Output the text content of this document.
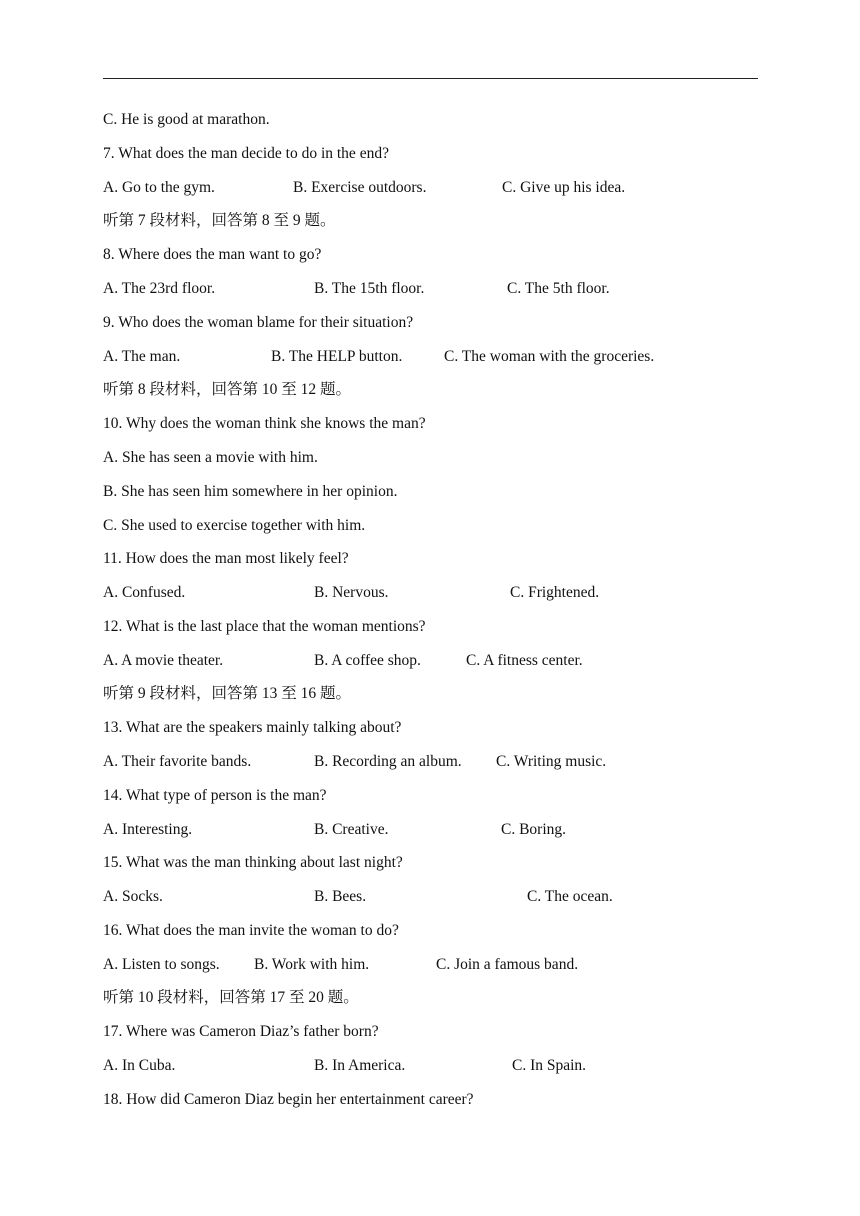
C. He is good at marathon.
7. What does the man decide to do in the end?
A. Go to the gym.	B. Exercise outdoors.	C. Give up his idea.
听第 7 段材料，回答第 8 至 9 题。
8. Where does the man want to go?
A. The 23rd floor.	B. The 15th floor.	C. The 5th floor.
9. Who does the woman blame for their situation?
A. The man.	B. The HELP button.	C. The woman with the groceries.
听第 8 段材料，回答第 10 至 12 题。
10. Why does the woman think she knows the man?
A. She has seen a movie with him.
B. She has seen him somewhere in her opinion.
C. She used to exercise together with him.
11. How does the man most likely feel?
A. Confused.	B. Nervous.	C. Frightened.
12. What is the last place that the woman mentions?
A. A movie theater.	B. A coffee shop.	C. A fitness center.
听第 9 段材料，回答第 13 至 16 题。
13. What are the speakers mainly talking about?
A. Their favorite bands.	B. Recording an album. C. Writing music.
14. What type of person is the man?
A. Interesting.	B. Creative.	C. Boring.
15. What was the man thinking about last night?
A. Socks.	B. Bees.	C. The ocean.
16. What does the man invite the woman to do?
A. Listen to songs. B. Work with him.	C. Join a famous band.
听第 10 段材料，回答第 17 至 20 题。
17. Where was Cameron Diaz’s father born?
A. In Cuba.	B. In America.	C. In Spain.
18. How did Cameron Diaz begin her entertainment career?
